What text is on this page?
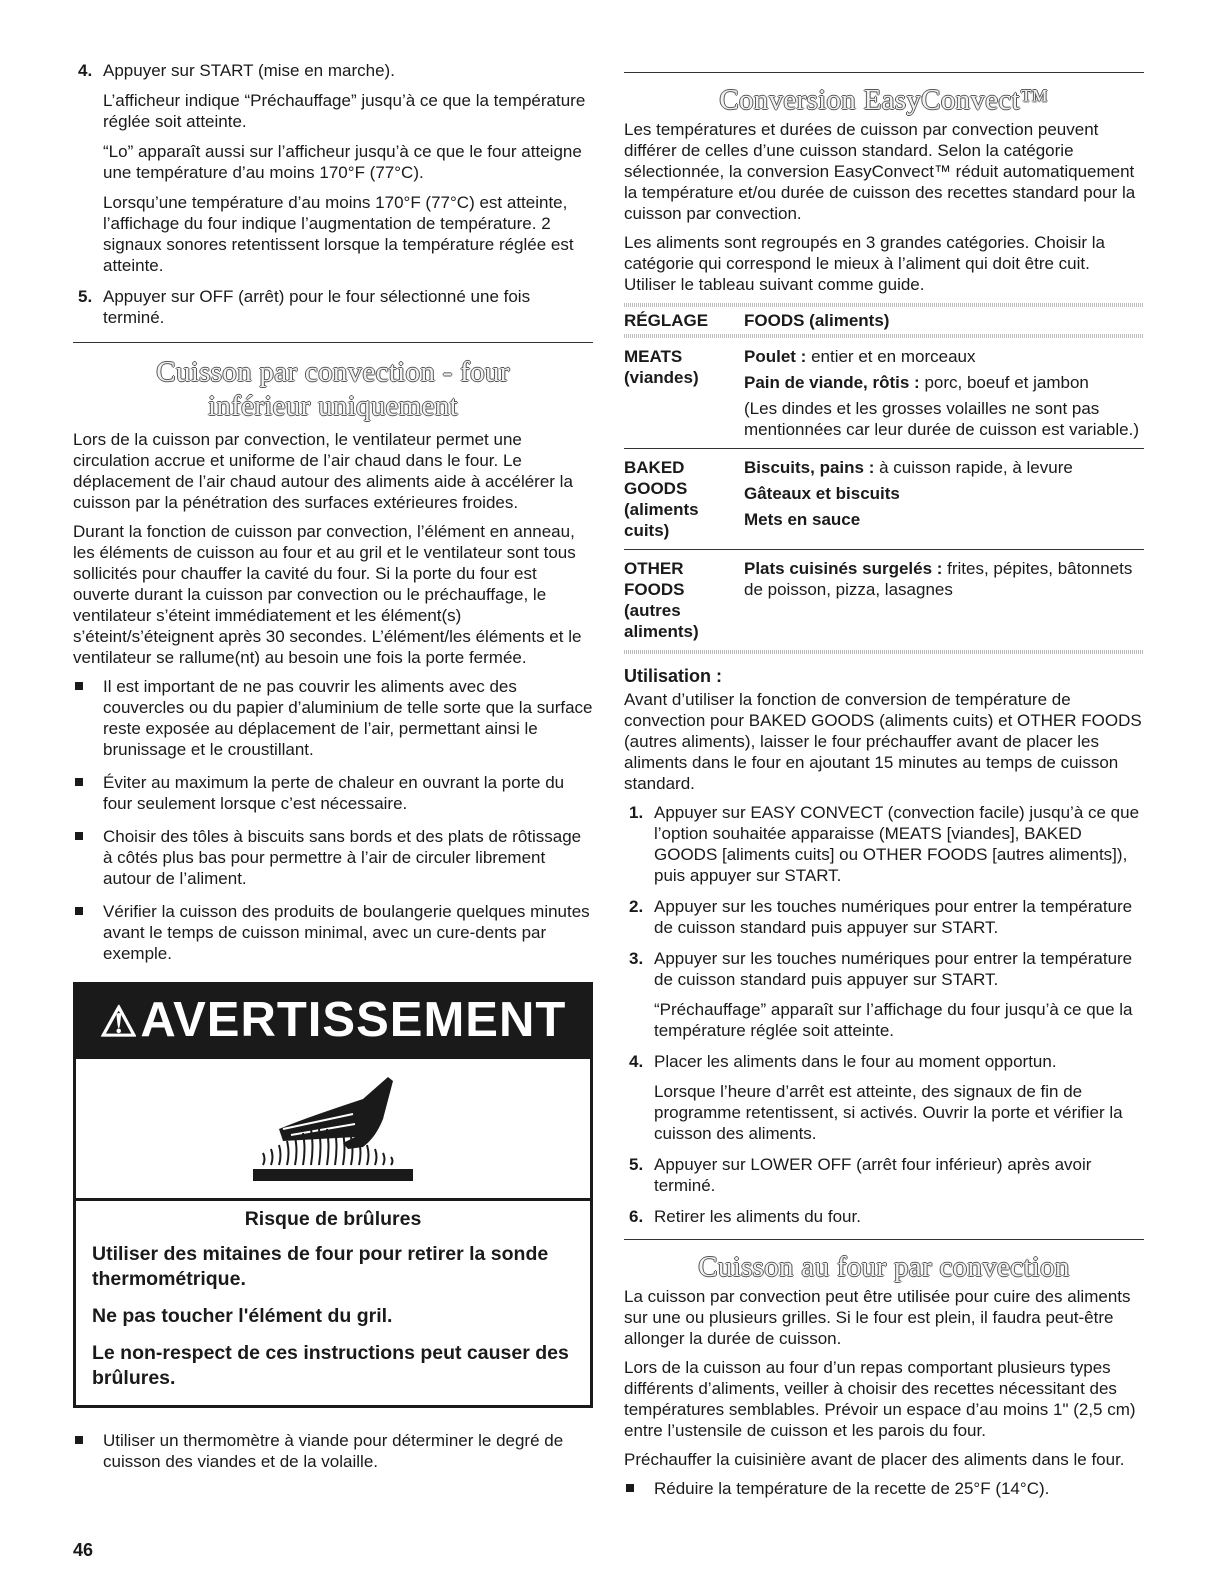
4. Appuyer sur START (mise en marche).

L’afficheur indique “Préchauffage” jusqu’à ce que la température réglée soit atteinte.

“Lo” apparaît aussi sur l’afficheur jusqu’à ce que le four atteigne une température d’au moins 170°F (77°C).

Lorsqu’une température d’au moins 170°F (77°C) est atteinte, l’affichage du four indique l’augmentation de température. 2 signaux sonores retentissent lorsque la température réglée est atteinte.

5. Appuyer sur OFF (arrêt) pour le four sélectionné une fois terminé.

Cuisson par convection - four inférieur uniquement

Lors de la cuisson par convection, le ventilateur permet une circulation accrue et uniforme de l’air chaud dans le four. Le déplacement de l’air chaud autour des aliments aide à accélérer la cuisson par la pénétration des surfaces extérieures froides.

Durant la fonction de cuisson par convection, l’élément en anneau, les éléments de cuisson au four et au gril et le ventilateur sont tous sollicités pour chauffer la cavité du four. Si la porte du four est ouverte durant la cuisson par convection ou le préchauffage, le ventilateur s’éteint immédiatement et les élément(s) s’éteint/s’éteignent après 30 secondes. L’élément/les éléments et le ventilateur se rallume(nt) au besoin une fois la porte fermée.

Il est important de ne pas couvrir les aliments avec des couvercles ou du papier d’aluminium de telle sorte que la surface reste exposée au déplacement de l’air, permettant ainsi le brunissage et le croustillant.
Éviter au maximum la perte de chaleur en ouvrant la porte du four seulement lorsque c’est nécessaire.
Choisir des tôles à biscuits sans bords et des plats de rôtissage à côtés plus bas pour permettre à l’air de circuler librement autour de l’aliment.
Vérifier la cuisson des produits de boulangerie quelques minutes avant le temps de cuisson minimal, avec un cure-dents par exemple.
⚠AVERTISSEMENT
Risque de brûlures

Utiliser des mitaines de four pour retirer la sonde thermométrique.

Ne pas toucher l'élément du gril.

Le non-respect de ces instructions peut causer des brûlures.

Utiliser un thermomètre à viande pour déterminer le degré de cuisson des viandes et de la volaille.
Conversion EasyConvect™

Les températures et durées de cuisson par convection peuvent différer de celles d’une cuisson standard. Selon la catégorie sélectionnée, la conversion EasyConvect™ réduit automatiquement la température et/ou durée de cuisson des recettes standard pour la cuisson par convection.

Les aliments sont regroupés en 3 grandes catégories. Choisir la catégorie qui correspond le mieux à l’aliment qui doit être cuit. Utiliser le tableau suivant comme guide.

RÉGLAGE	FOODS (aliments)
MEATS (viandes)

Poulet : entier et en morceaux

Pain de viande, rôtis : porc, boeuf et jambon

(Les dindes et les grosses volailles ne sont pas mentionnées car leur durée de cuisson est variable.)

BAKED GOODS (aliments cuits)

Biscuits, pains : à cuisson rapide, à levure

Gâteaux et biscuits

Mets en sauce

OTHER FOODS (autres aliments)

Plats cuisinés surgelés : frites, pépites, bâtonnets de poisson, pizza, lasagnes

Utilisation :

Avant d’utiliser la fonction de conversion de température de convection pour BAKED GOODS (aliments cuits) et OTHER FOODS (autres aliments), laisser le four préchauffer avant de placer les aliments dans le four en ajoutant 15 minutes au temps de cuisson standard.

1. Appuyer sur EASY CONVECT (convection facile) jusqu’à ce que l’option souhaitée apparaisse (MEATS [viandes], BAKED GOODS [aliments cuits] ou OTHER FOODS [autres aliments]), puis appuyer sur START.

2. Appuyer sur les touches numériques pour entrer la température de cuisson standard puis appuyer sur START.

3. Appuyer sur les touches numériques pour entrer la température de cuisson standard puis appuyer sur START.

“Préchauffage” apparaît sur l’affichage du four jusqu’à ce que la température réglée soit atteinte.

4. Placer les aliments dans le four au moment opportun.

Lorsque l’heure d’arrêt est atteinte, des signaux de fin de programme retentissent, si activés. Ouvrir la porte et vérifier la cuisson des aliments.

5. Appuyer sur LOWER OFF (arrêt four inférieur) après avoir terminé.

6. Retirer les aliments du four.

Cuisson au four par convection

La cuisson par convection peut être utilisée pour cuire des aliments sur une ou plusieurs grilles. Si le four est plein, il faudra peut-être allonger la durée de cuisson.

Lors de la cuisson au four d’un repas comportant plusieurs types différents d’aliments, veiller à choisir des recettes nécessitant des températures semblables. Prévoir un espace d’au moins 1" (2,5 cm) entre l’ustensile de cuisson et les parois du four.

Préchauffer la cuisinière avant de placer des aliments dans le four.

Réduire la température de la recette de 25°F (14°C).
46
